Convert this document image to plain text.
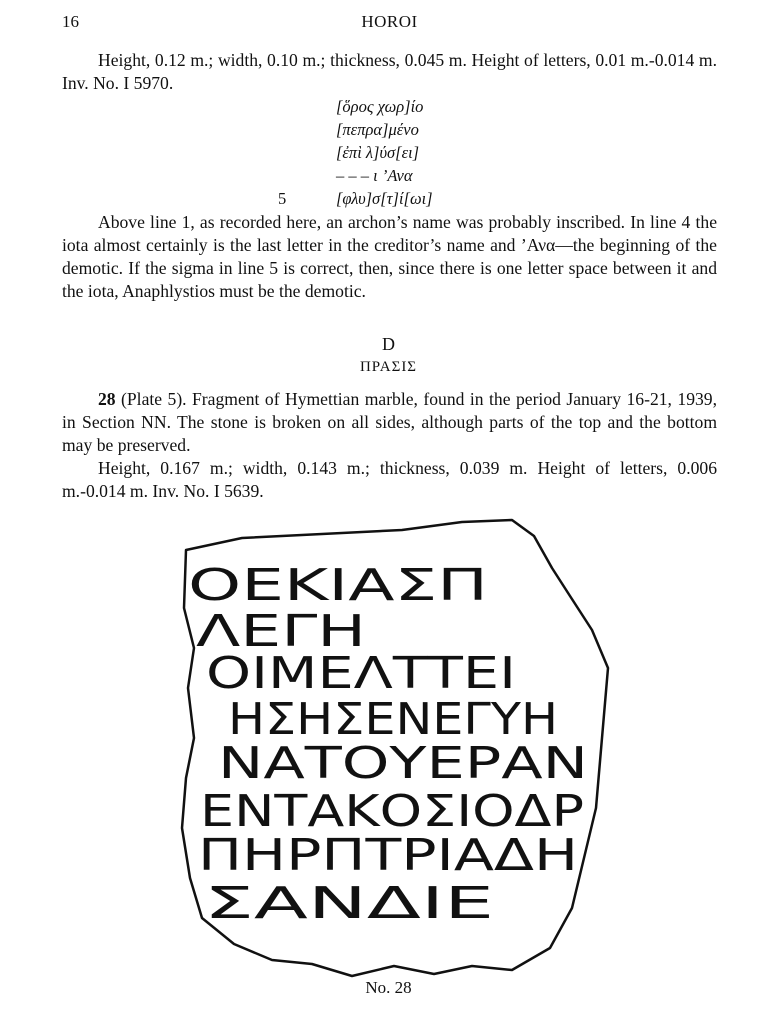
16	HOROI

Height, 0.12 m.; width, 0.10 m.; thickness, 0.045 m. Height of letters, 0.01 m.-0.014 m. Inv. No. I 5970.

[ὅρος χωρ]ίο
[πεπρα]μένο
[ἐπὶ λ]ύσ[ει]
– – – ι ’Ανα
5	[φλυ]σ[τ]ί[ωι]

Above line 1, as recorded here, an archon’s name was probably inscribed. In line 4 the iota almost certainly is the last letter in the creditor’s name and ’Ανα—the beginning of the demotic. If the sigma in line 5 is correct, then, since there is one letter space between it and the iota, Anaphlystios must be the demotic.

D
ΠΡΑΣΙΣ

28 (Plate 5). Fragment of Hymettian marble, found in the period January 16-21, 1939, in Section NN. The stone is broken on all sides, although parts of the top and the bottom may be preserved.

Height, 0.167 m.; width, 0.143 m.; thickness, 0.039 m. Height of letters, 0.006 m.-0.014 m. Inv. No. I 5639.

ΟΕΚΙΑΣΠ
ΛΕΓΗ
ΟΙΜΕΛΤΤΕΙ
ΗΣΗΣΕΝΕΓΥΗ
ΝΑΤΟΥΕΡΑΝ
ΕΝΤΑΚΟΣΙΟΔΡ
ΠΗΡΠΤΡΙΑΔΗ
ΣΑΝΔΙΕ
No. 28
